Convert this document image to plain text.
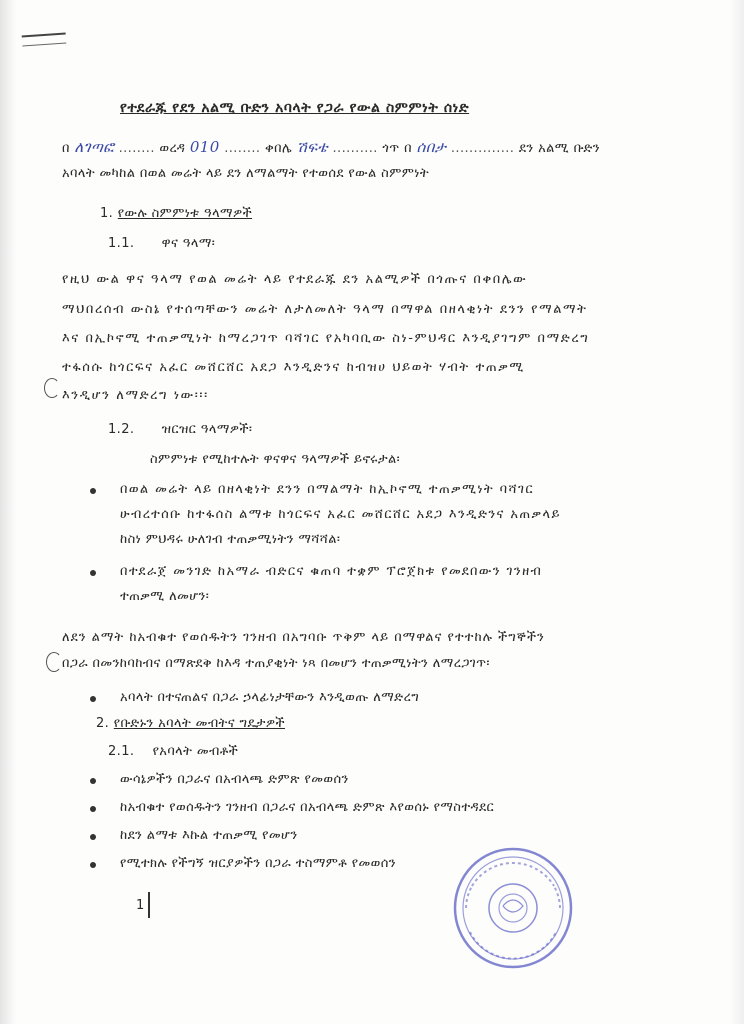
የተደራጁ የደን አልሚ ቡድን አባላት የጋራ የውል ስምምነት ሰነድ
በ ለገጣፎ ........ ወረዳ 010 ........ ቀበሌ ሽፍቴ .......... ጎጥ በ ሰበታ .............. ደን አልሚ ቡድን
አባላት መካከል በወል መሬት ላይ ደን ለማልማት የተወሰደ የውል ስምምነት
1. የውሉ ስምምነቱ ዓላማዎች
1.1. ዋና ዓላማ፡
የዚህ ውል ዋና ዓላማ የወል መሬት ላይ የተደራጁ ደን አልሚዎች በጎጡና በቀበሌው
ማህበረሰብ ውስኔ የተሰጣቸውን መሬት ለታለመለት ዓላማ በማዋል በዘላቂነት ደንን የማልማት
እና በኢኮኖሚ ተጠቃሚነት ከማረጋገጥ ባሻገር የአካባቢው ስነ-ምህዳር እንዲያገግም በማድረግ
ተፋሰሱ ከጎርፍና አፈር መሸርሸር አደጋ እንዲድንና ከብዝሀ ህይወት ሃብት ተጠቃሚ
እንዲሆን ለማድረግ ነው፡፡፡
1.2. ዝርዝር ዓላማዎች፡
ስምምነቱ የሚከተሉት ዋናዋና ዓላማዎች ይኖሩታል፡
በወል መሬት ላይ በዘላቂነት ደንን በማልማት ከኢኮኖሚ ተጠቃሚነት ባሻገር
ሁብረተሰቡ ከተፋሰስ ልማቱ ከጎርፍና አፈር መሸርሸር አደጋ እንዲድንና አጠቃላይ
ከስነ ምህዳሩ ሁለገብ ተጠቃሚነትን ማሻሻል፡
በተደራጀ መንገድ ከአማራ ብድርና ቁጠባ ተቋም ፕሮጀክቱ የመደበውን ገንዘብ
ተጠቃሚ ለመሆን፡
ለደን ልማት ከአብቁተ የወሰዱትን ገንዘብ በአግባቡ ጥቅም ላይ በማዋልና የተተከሉ ችግኞችን
በጋራ በመንከባከብና በማጽደቅ ከእዳ ተጠያቂነት ነጻ በመሆን ተጠቃሚነትን ለማረጋገጥ፡
አባላት በተናጠልና በጋራ ኃላፊነታቸውን እንዲወጡ ለማድረግ
2. የቡድኑን አባላት መብትና ግዴታዎች
2.1. የአባላት መብቶች
ውሳኔዎችን በጋራና በአብላጫ ድምጽ የመወሰን
ከአብቁተ የወሰዱትን ገንዘብ በጋራና በአብላጫ ድምጽ እየወሰኑ የማስተዳደር
ከደን ልማቱ እኩል ተጠቃሚ የመሆን
የሚተክሉ የችግኝ ዝርያዎችን በጋራ ተስማምቶ የመወሰን
1
